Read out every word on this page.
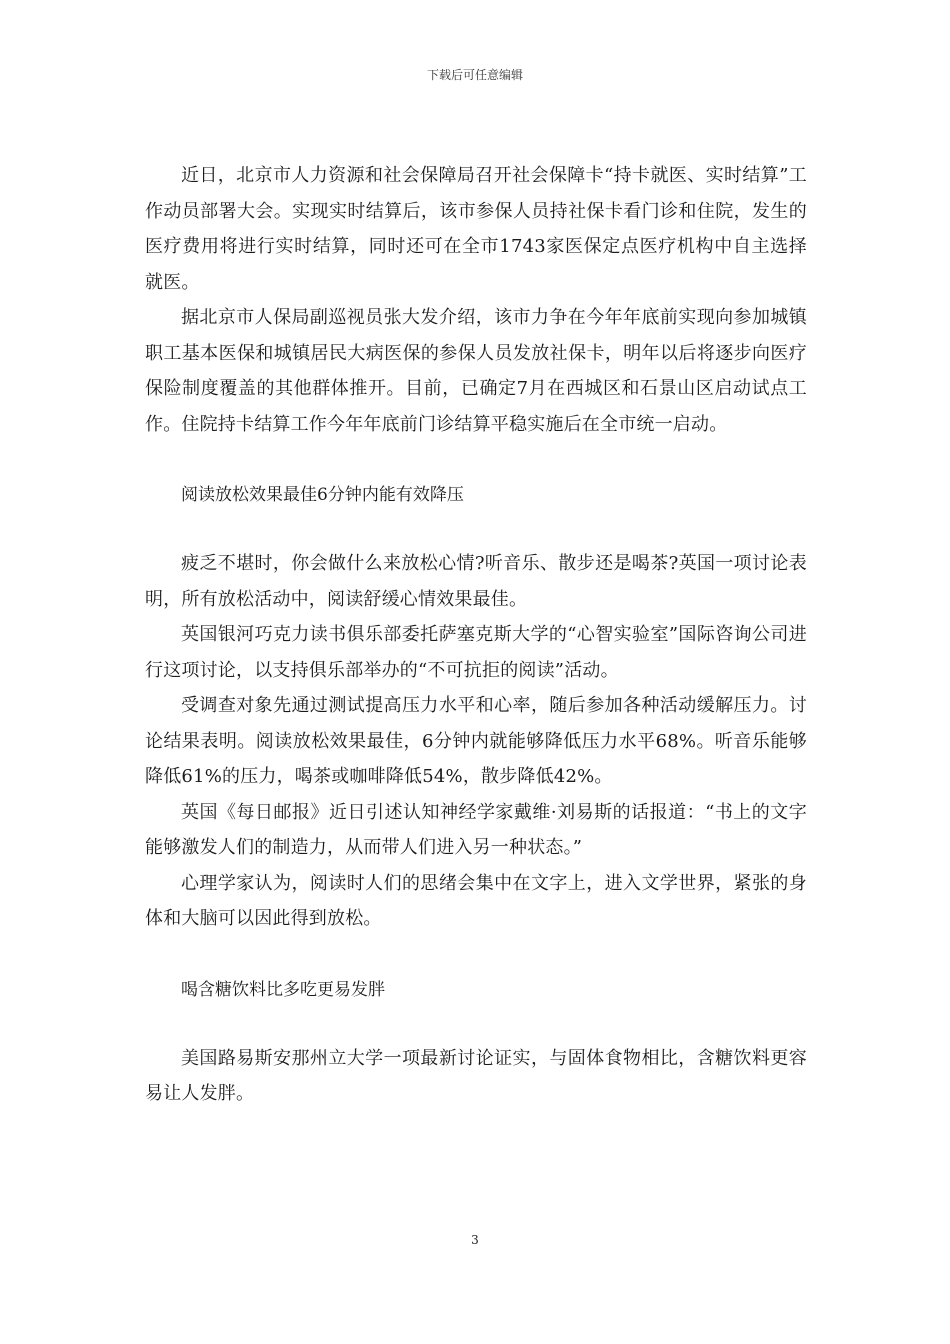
下载后可任意编辑

近日，北京市人力资源和社会保障局召开社会保障卡“持卡就医、实时结算”工作动员部署大会。实现实时结算后，该市参保人员持社保卡看门诊和住院，发生的医疗费用将进行实时结算，同时还可在全市1743家医保定点医疗机构中自主选择就医。

据北京市人保局副巡视员张大发介绍，该市力争在今年年底前实现向参加城镇职工基本医保和城镇居民大病医保的参保人员发放社保卡，明年以后将逐步向医疗保险制度覆盖的其他群体推开。目前，已确定7月在西城区和石景山区启动试点工作。住院持卡结算工作今年年底前门诊结算平稳实施后在全市统一启动。

阅读放松效果最佳6分钟内能有效降压

疲乏不堪时，你会做什么来放松心情?听音乐、散步还是喝茶?英国一项讨论表明，所有放松活动中，阅读舒缓心情效果最佳。

英国银河巧克力读书俱乐部委托萨塞克斯大学的“心智实验室”国际咨询公司进行这项讨论，以支持俱乐部举办的“不可抗拒的阅读”活动。

受调查对象先通过测试提高压力水平和心率，随后参加各种活动缓解压力。讨论结果表明。阅读放松效果最佳，6分钟内就能够降低压力水平68%。听音乐能够降低61%的压力，喝茶或咖啡降低54%，散步降低42%。

英国《每日邮报》近日引述认知神经学家戴维·刘易斯的话报道：“书上的文字能够激发人们的制造力，从而带人们进入另一种状态。”

心理学家认为，阅读时人们的思绪会集中在文字上，进入文学世界，紧张的身体和大脑可以因此得到放松。

喝含糖饮料比多吃更易发胖

美国路易斯安那州立大学一项最新讨论证实，与固体食物相比，含糖饮料更容易让人发胖。

3
